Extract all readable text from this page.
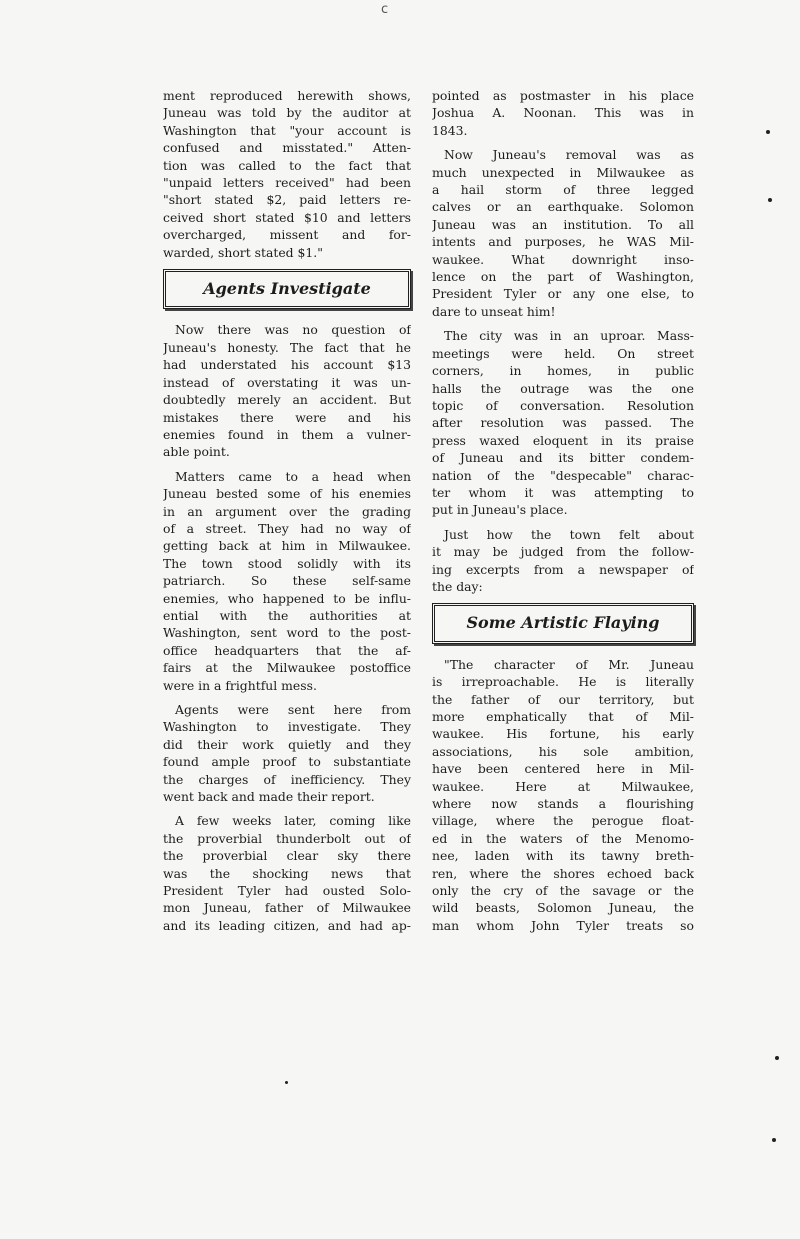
c
ment reproduced herewith shows,
Juneau was told by the auditor at
Washington that "your account is
confused and misstated." Atten-
tion was called to the fact that
"unpaid letters received" had been
"short stated $2, paid letters re-
ceived short stated $10 and letters
overcharged, missent and for-
warded, short stated $1."
Agents Investigate
Now there was no question of
Juneau's honesty. The fact that he
had understated his account $13
instead of overstating it was un-
doubtedly merely an accident. But
mistakes there were and his
enemies found in them a vulner-
able point.
Matters came to a head when
Juneau bested some of his enemies
in an argument over the grading
of a street. They had no way of
getting back at him in Milwaukee.
The town stood solidly with its
patriarch. So these self-same
enemies, who happened to be influ-
ential with the authorities at
Washington, sent word to the post-
office headquarters that the af-
fairs at the Milwaukee postoffice
were in a frightful mess.
Agents were sent here from
Washington to investigate. They
did their work quietly and they
found ample proof to substantiate
the charges of inefficiency. They
went back and made their report.
A few weeks later, coming like
the proverbial thunderbolt out of
the proverbial clear sky there
was the shocking news that
President Tyler had ousted Solo-
mon Juneau, father of Milwaukee
and its leading citizen, and had ap-
pointed as postmaster in his place
Joshua A. Noonan. This was in
1843.
Now Juneau's removal was as
much unexpected in Milwaukee as
a hail storm of three legged
calves or an earthquake. Solomon
Juneau was an institution. To all
intents and purposes, he WAS Mil-
waukee. What downright inso-
lence on the part of Washington,
President Tyler or any one else, to
dare to unseat him!
The city was in an uproar. Mass-
meetings were held. On street
corners, in homes, in public
halls the outrage was the one
topic of conversation. Resolution
after resolution was passed. The
press waxed eloquent in its praise
of Juneau and its bitter condem-
nation of the "despecable" charac-
ter whom it was attempting to
put in Juneau's place.
Just how the town felt about
it may be judged from the follow-
ing excerpts from a newspaper of
the day:
Some Artistic Flaying
"The character of Mr. Juneau
is irreproachable. He is literally
the father of our territory, but
more emphatically that of Mil-
waukee. His fortune, his early
associations, his sole ambition,
have been centered here in Mil-
waukee. Here at Milwaukee,
where now stands a flourishing
village, where the perogue float-
ed in the waters of the Menomo-
nee, laden with its tawny breth-
ren, where the shores echoed back
only the cry of the savage or the
wild beasts, Solomon Juneau, the
man whom John Tyler treats so
